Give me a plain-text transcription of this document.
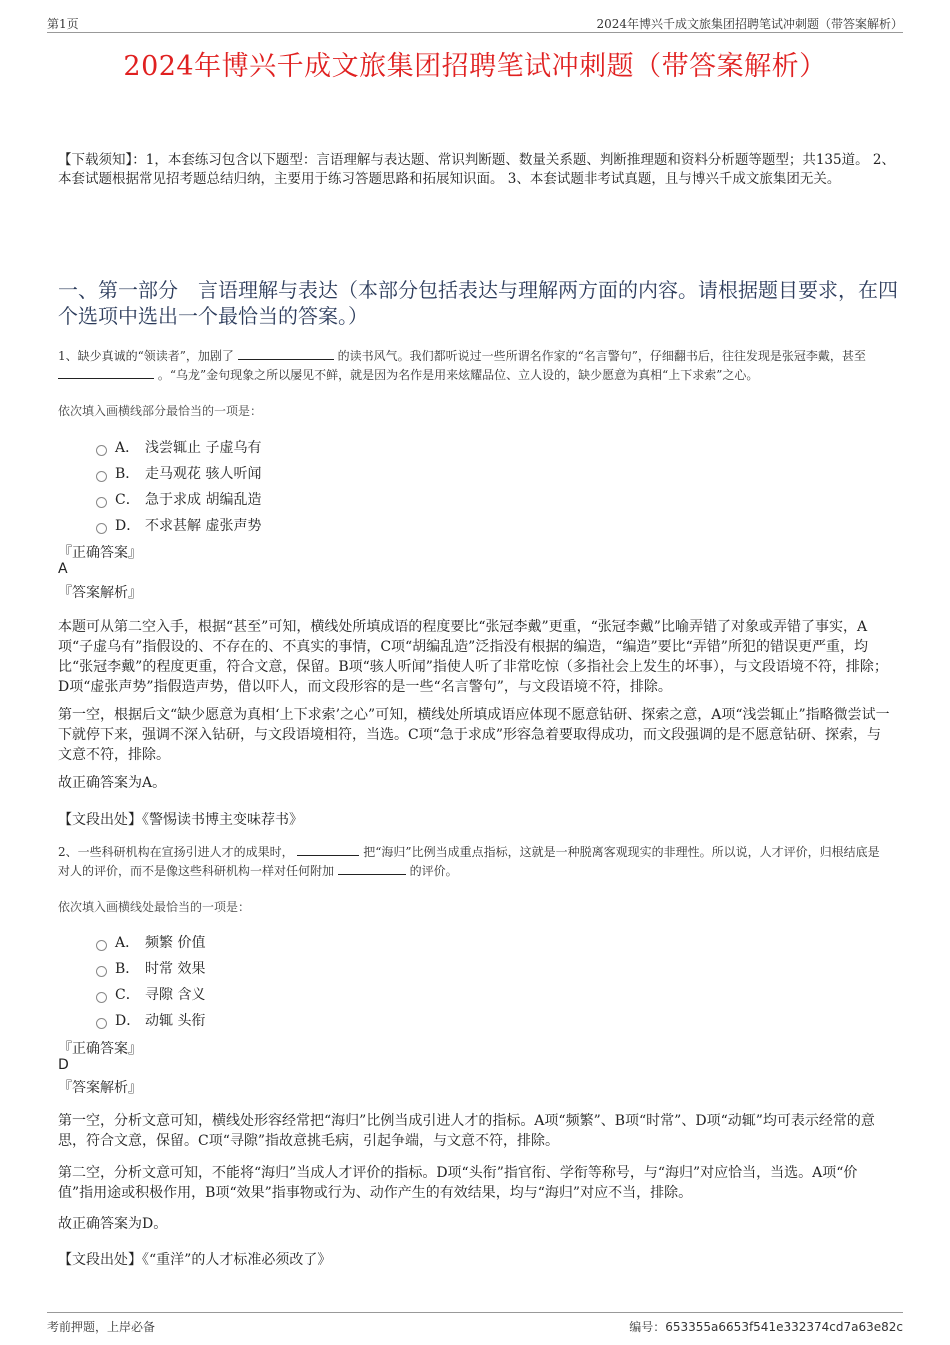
第1页	2024年博兴千成文旅集团招聘笔试冲刺题（带答案解析）
2024年博兴千成文旅集团招聘笔试冲刺题（带答案解析）
【下载须知】：1，本套练习包含以下题型：言语理解与表达题、常识判断题、数量关系题、判断推理题和资料分析题等题型；共135道。 2、本套试题根据常见招考题总结归纳，主要用于练习答题思路和拓展知识面。 3、本套试题非考试真题，且与博兴千成文旅集团无关。
一、第一部分　言语理解与表达（本部分包括表达与理解两方面的内容。请根据题目要求，在四个选项中选出一个最恰当的答案。）
1、缺少真诚的“领读者”，加剧了	的读书风气。我们都听说过一些所谓名作家的“名言警句”，仔细翻书后，往往发现是张冠李戴，甚至  。“乌龙”金句现象之所以屡见不鲜，就是因为名作是用来炫耀品位、立人设的，缺少愿意为真相“上下求索”之心。
依次填入画横线部分最恰当的一项是：
A． 浅尝辄止 子虚乌有
B． 走马观花 骇人听闻
C． 急于求成 胡编乱造
D． 不求甚解 虚张声势
『正确答案』
A
『答案解析』
本题可从第二空入手，根据“甚至”可知，横线处所填成语的程度要比“张冠李戴”更重，“张冠李戴”比喻弄错了对象或弄错了事实，A项“子虚乌有”指假设的、不存在的、不真实的事情，C项“胡编乱造”泛指没有根据的编造，“编造”要比“弄错”所犯的错误更严重，均比“张冠李戴”的程度更重，符合文意，保留。B项“骇人听闻”指使人听了非常吃惊（多指社会上发生的坏事），与文段语境不符，排除；D项“虚张声势”指假造声势，借以吓人，而文段形容的是一些“名言警句”，与文段语境不符，排除。
第一空，根据后文“缺少愿意为真相‘上下求索’之心”可知，横线处所填成语应体现不愿意钻研、探索之意，A项“浅尝辄止”指略微尝试一下就停下来，强调不深入钻研，与文段语境相符，当选。C项“急于求成”形容急着要取得成功，而文段强调的是不愿意钻研、探索，与文意不符，排除。
故正确答案为A。
【文段出处】《警惕读书博主变味荐书》
2、一些科研机构在宣扬引进人才的成果时，	把“海归”比例当成重点指标，这就是一种脱离客观现实的非理性。所以说，人才评价，归根结底是对人的评价，而不是像这些科研机构一样对任何附加	的评价。
依次填入画横线处最恰当的一项是：
A． 频繁 价值
B． 时常 效果
C． 寻隙 含义
D． 动辄 头衔
『正确答案』
D
『答案解析』
第一空，分析文意可知，横线处形容经常把“海归”比例当成引进人才的指标。A项“频繁”、B项“时常”、D项“动辄”均可表示经常的意思，符合文意，保留。C项“寻隙”指故意挑毛病，引起争端，与文意不符，排除。
第二空，分析文意可知，不能将“海归”当成人才评价的指标。D项“头衔”指官衔、学衔等称号，与“海归”对应恰当，当选。A项“价值”指用途或积极作用，B项“效果”指事物或行为、动作产生的有效结果，均与“海归”对应不当，排除。
故正确答案为D。
【文段出处】《“重洋”的人才标准必须改了》
考前押题，上岸必备	编号：653355a6653f541e332374cd7a63e82c
